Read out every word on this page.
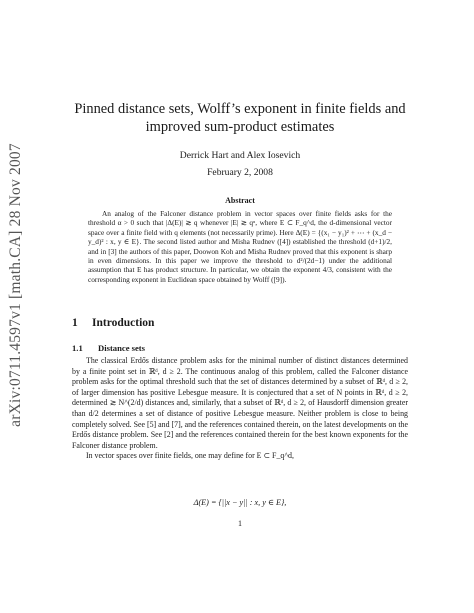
arXiv:0711.4597v1 [math.CA] 28 Nov 2007
Pinned distance sets, Wolff’s exponent in finite fields and
improved sum-product estimates
Derrick Hart and Alex Iosevich
February 2, 2008
Abstract

An analog of the Falconer distance problem in vector spaces over finite fields asks for the threshold α > 0 such that |Δ(E)| ≳ q whenever |E| ≳ qᵅ, where E ⊂ F_q^d, the d-dimensional vector space over a finite field with q elements (not necessarily prime). Here Δ(E) = {(x₁ − y₁)² + ⋯ + (x_d − y_d)² : x, y ∈ E}. The second listed author and Misha Rudnev ([4]) established the threshold (d+1)/2, and in [3] the authors of this paper, Doowon Koh and Misha Rudnev proved that this exponent is sharp in even dimensions. In this paper we improve the threshold to d²/(2d−1) under the additional assumption that E has product structure. In particular, we obtain the exponent 4/3, consistent with the corresponding exponent in Euclidean space obtained by Wolff ([9]).

1 Introduction
1.1 Distance sets

The classical Erdős distance problem asks for the minimal number of distinct distances determined by a finite point set in ℝᵈ, d ≥ 2. The continuous analog of this problem, called the Falconer distance problem asks for the optimal threshold such that the set of distances determined by a subset of ℝᵈ, d ≥ 2, of larger dimension has positive Lebesgue measure. It is conjectured that a set of N points in ℝᵈ, d ≥ 2, determined ≳ N^(2/d) distances and, similarly, that a subset of ℝᵈ, d ≥ 2, of Hausdorff dimension greater than d/2 determines a set of distance of positive Lebesgue measure. Neither problem is close to being completely solved. See [5] and [7], and the references contained therein, on the latest developments on the Erdős distance problem. See [2] and the references contained therein for the best known exponents for the Falconer distance problem.

In vector spaces over finite fields, one may define for E ⊂ F_q^d,

Δ(E) = {||x − y|| : x, y ∈ E},
1
